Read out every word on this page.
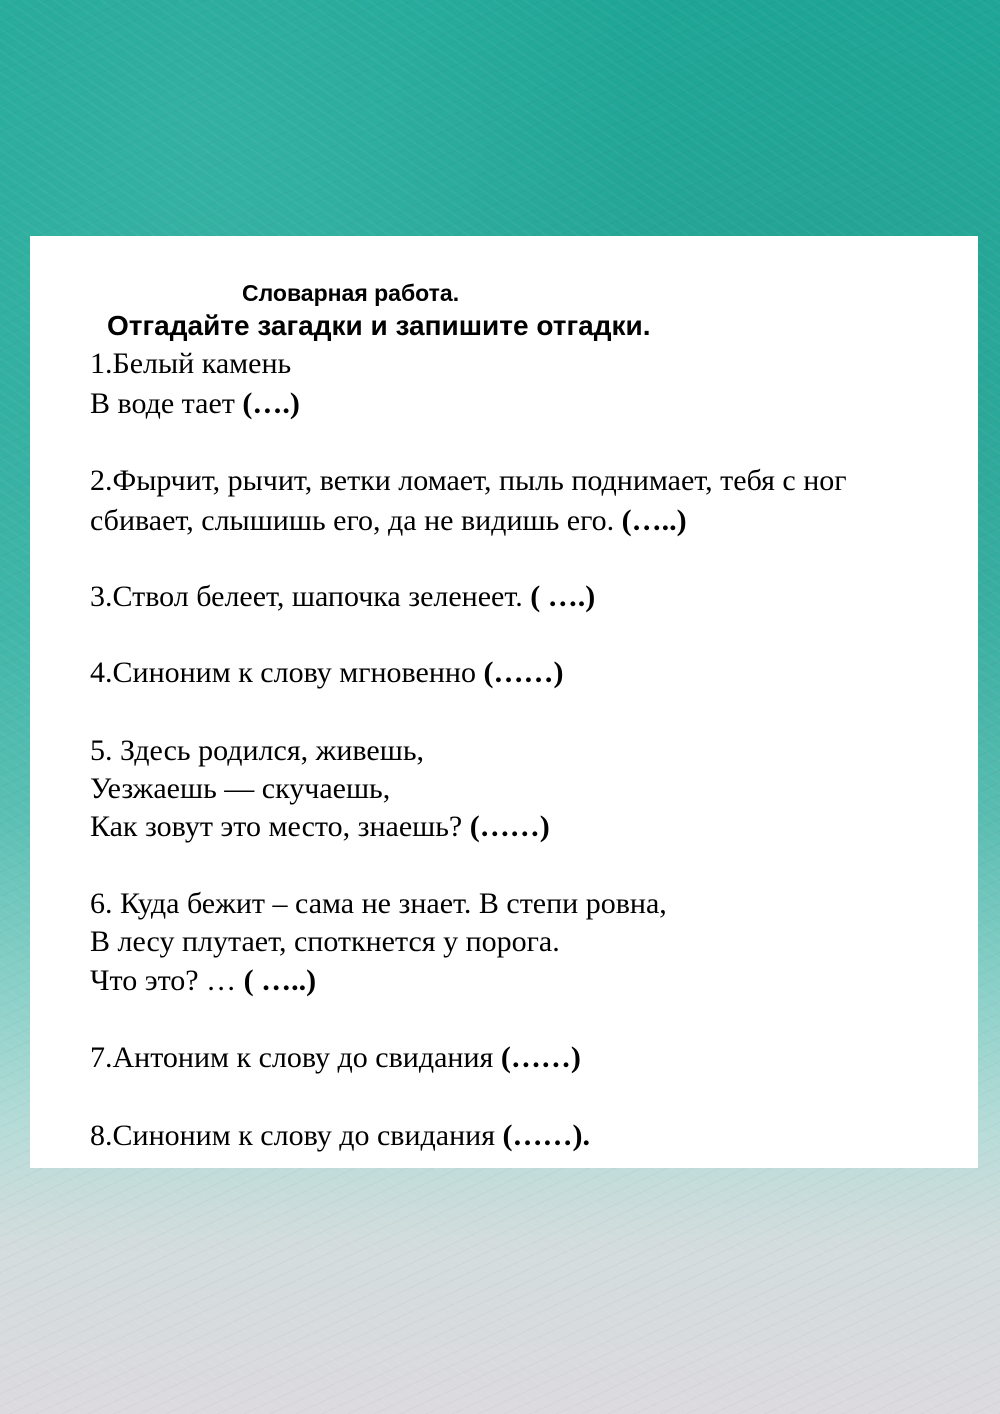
Словарная работа.
Отгадайте загадки и запишите отгадки.
1.Белый камень
В воде тает (….)
2.Фырчит, рычит, ветки ломает, пыль поднимает, тебя с ног
сбивает, слышишь его, да не видишь его. (…..)
3.Ствол белеет, шапочка зеленеет. ( ….)
4.Синоним к слову мгновенно (……)
5. Здесь родился, живешь,
Уезжаешь — скучаешь,
Как зовут это место, знаешь? (……)
6. Куда бежит – сама не знает. В степи ровна,
В лесу плутает, споткнется у порога.
Что это? … ( …..)
7.Антоним к слову до свидания (……)
8.Синоним к слову до свидания (……).
